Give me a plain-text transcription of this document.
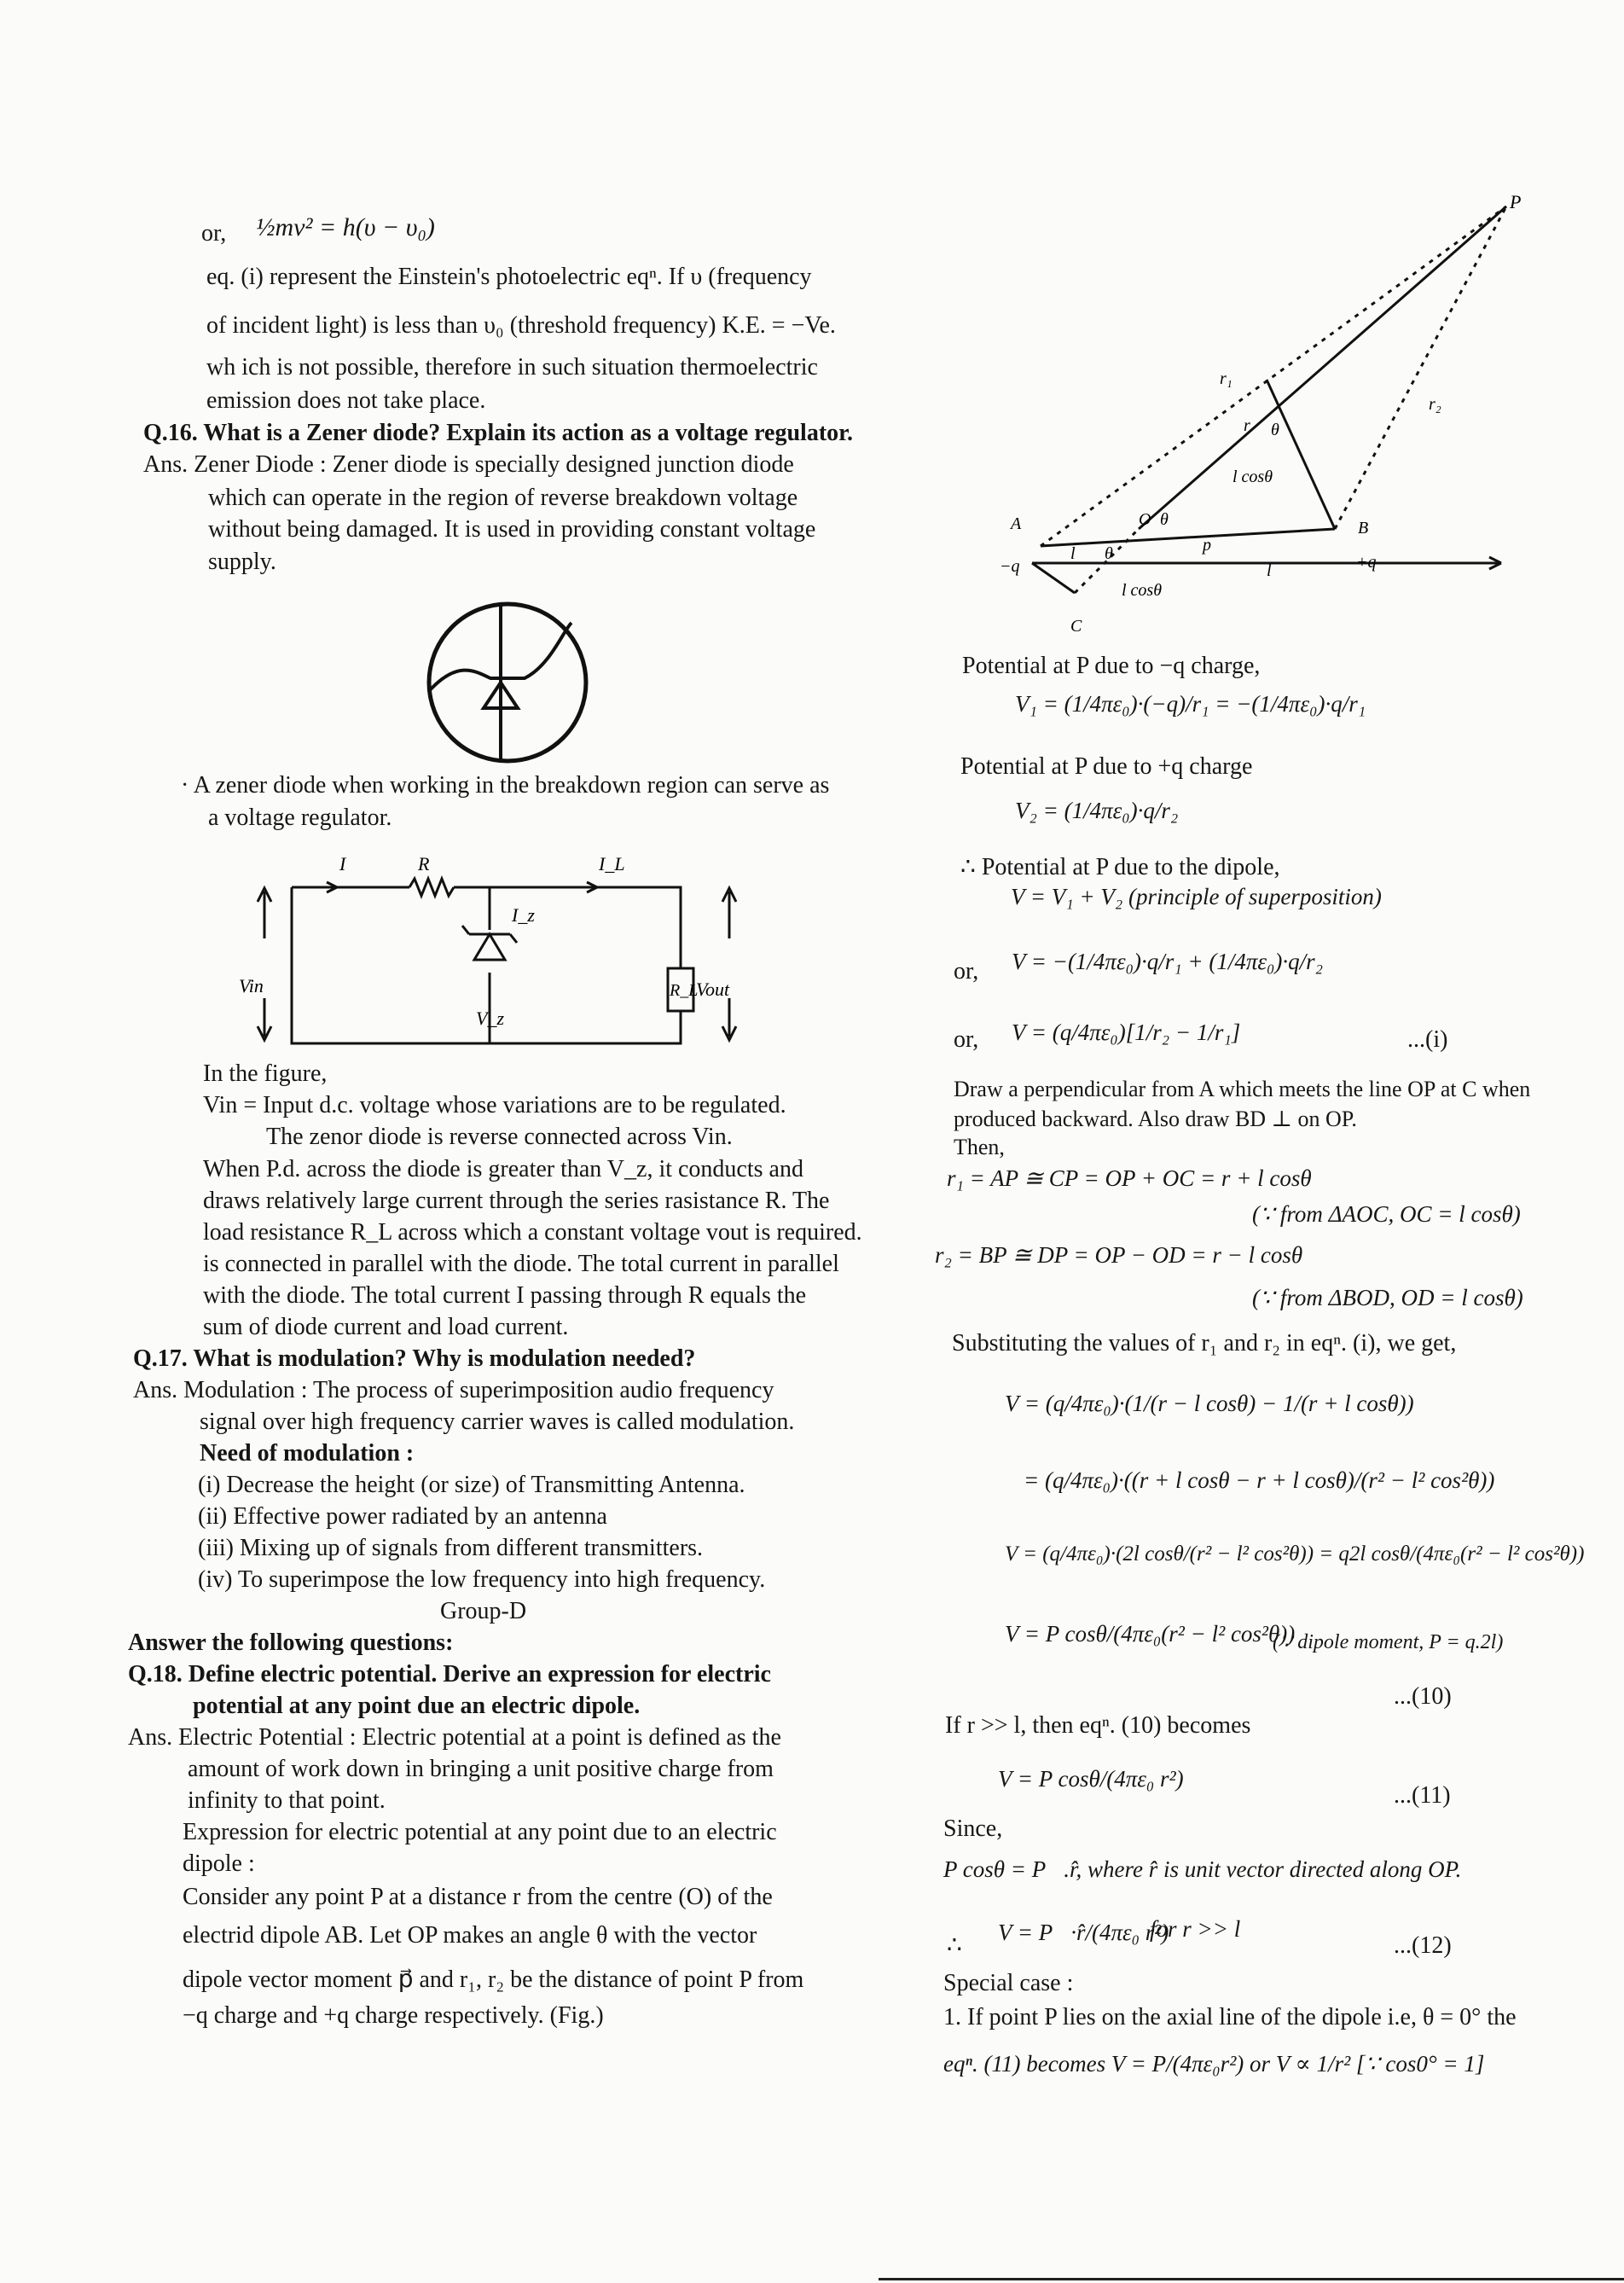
or, ½mv² = h(υ − υ₀)
eq. (i) represent the Einstein's photoelectric eqⁿ. If υ (frequency
of incident light) is less than υ₀ (threshold frequency) K.E. = −Ve.
wh ich is not possible, therefore in such situation thermoelectric
emission does not take place.
Q.16. What is a Zener diode? Explain its action as a voltage regulator.
Ans. Zener Diode : Zener diode is specially designed junction diode
which can operate in the region of reverse breakdown voltage
without being damaged. It is used in providing constant voltage
supply.
· A zener diode when working in the breakdown region can serve as
a voltage regulator.
I	R	I_L
I_z
Vin
V_z
R_L
Vout
In the figure,
Vin = Input d.c. voltage whose variations are to be regulated.
The zenor diode is reverse connected across Vin.
When P.d. across the diode is greater than V_z, it conducts and
draws relatively large current through the series rasistance R. The
load resistance R_L across which a constant voltage vout is required.
is connected in parallel with the diode. The total current in parallel
with the diode. The total current I passing through R equals the
sum of diode current and load current.
Q.17. What is modulation? Why is modulation needed?
Ans. Modulation : The process of superimposition audio frequency
signal over high frequency carrier waves is called modulation.
Need of modulation :
(i) Decrease the height (or size) of Transmitting Antenna.
(ii) Effective power radiated by an antenna
(iii) Mixing up of signals from different transmitters.
(iv) To superimpose the low frequency into high frequency.
Group-D
Answer the following questions:
Q.18. Define electric potential. Derive an expression for electric
potential at any point due an electric dipole.
Ans. Electric Potential : Electric potential at a point is defined as the
amount of work down in bringing a unit positive charge from
infinity to that point.
Expression for electric potential at any point due to an electric
dipole :
Consider any point P at a distance r from the centre (O) of the
electrid dipole AB. Let OP makes an angle θ with the vector
dipole vector moment p⃗ and r₁, r₂ be the distance of point P from
−q charge and +q charge respectively. (Fig.)
P
r₁
r₂
r θ
l cosθ
O θ
A	B
C
−q	+q
l θ	p⃗
l
l cosθ
Potential at P due to −q charge,
V₁ = (1/4πε₀)·(−q)/r₁ = −(1/4πε₀)·q/r₁
Potential at P due to +q charge
V₂ = (1/4πε₀)·q/r₂
∴ Potential at P due to the dipole,
V = V₁ + V₂ (principle of superposition)
or, V = −(1/4πε₀)·q/r₁ + (1/4πε₀)·q/r₂
or, V = (q/4πε₀)[1/r₂ − 1/r₁]	...(i)
Draw a perpendicular from A which meets the line OP at C when
produced backward. Also draw BD ⊥ on OP.
Then,
r₁ = AP ≅ CP = OP + OC = r + l cosθ
(∵ from ΔAOC, OC = l cosθ)
r₂ = BP ≅ DP = OP − OD = r − l cosθ
(∵ from ΔBOD, OD = l cosθ)
Substituting the values of r₁ and r₂ in eqⁿ. (i), we get,
V = (q/4πε₀)·(1/(r − l cosθ) − 1/(r + l cosθ))
= (q/4πε₀)·((r + l cosθ − r + l cosθ)/(r² − l² cos²θ))
V = (q/4πε₀)·(2l cosθ/(r² − l² cos²θ)) = q2l cosθ/(4πε₀(r² − l² cos²θ))
V = P cosθ/(4πε₀(r² − l² cos²θ))
(∵ dipole moment, P = q.2l)
...(10)
If r >> l, then eqⁿ. (10) becomes
V = P cosθ/(4πε₀ r²)
...(11)
Since,
P cosθ = P⃗.r̂, where r̂ is unit vector directed along OP.
∴ V = P⃗·r̂/(4πε₀ r²)
for r >> l
...(12)
Special case :
1. If point P lies on the axial line of the dipole i.e, θ = 0° the
eqⁿ. (11) becomes V = P/(4πε₀r²) or V ∝ 1/r² [∵ cos0° = 1]
